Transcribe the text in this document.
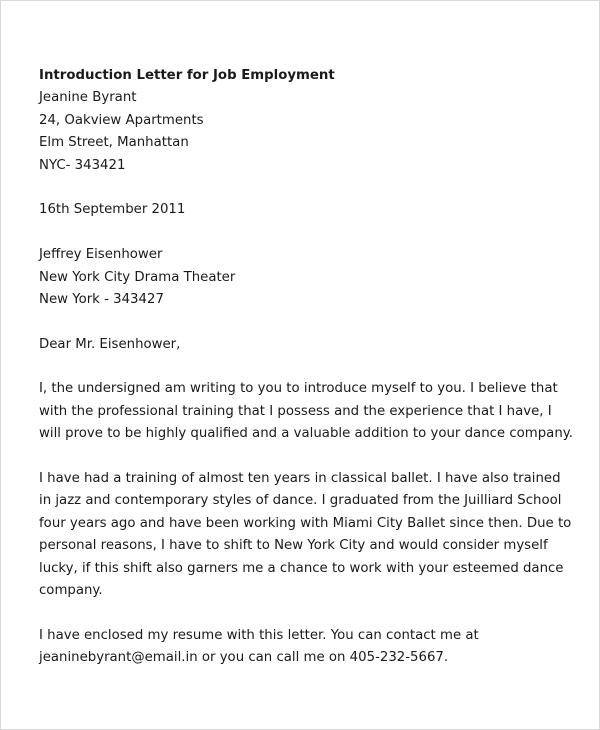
Introduction Letter for Job Employment
Jeanine Byrant
24, Oakview Apartments
Elm Street, Manhattan
NYC- 343421
16th September 2011
Jeffrey Eisenhower
New York City Drama Theater
New York - 343427
Dear Mr. Eisenhower,
I, the undersigned am writing to you to introduce myself to you. I believe that
with the professional training that I possess and the experience that I have, I
will prove to be highly qualified and a valuable addition to your dance company.
I have had a training of almost ten years in classical ballet. I have also trained
in jazz and contemporary styles of dance. I graduated from the Juilliard School
four years ago and have been working with Miami City Ballet since then. Due to
personal reasons, I have to shift to New York City and would consider myself
lucky, if this shift also garners me a chance to work with your esteemed dance
company.
I have enclosed my resume with this letter. You can contact me at
jeaninebyrant@email.in or you can call me on 405-232-5667.
